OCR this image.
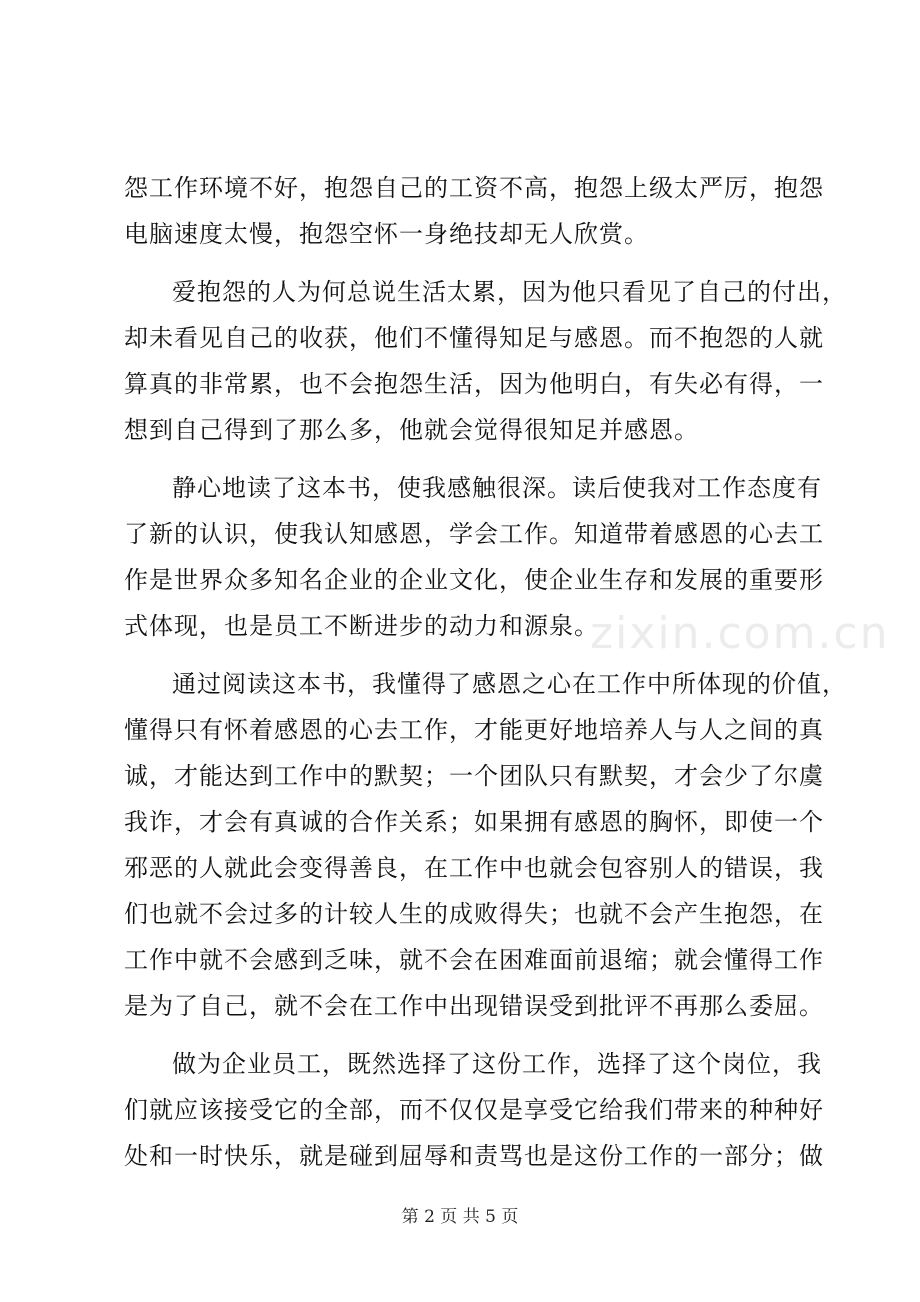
zixin.com.cn
怨工作环境不好，抱怨自己的工资不高，抱怨上级太严厉，抱怨
电脑速度太慢，抱怨空怀一身绝技却无人欣赏。
爱抱怨的人为何总说生活太累，因为他只看见了自己的付出，
却未看见自己的收获，他们不懂得知足与感恩。而不抱怨的人就
算真的非常累，也不会抱怨生活，因为他明白，有失必有得，一
想到自己得到了那么多，他就会觉得很知足并感恩。
静心地读了这本书，使我感触很深。读后使我对工作态度有
了新的认识，使我认知感恩，学会工作。知道带着感恩的心去工
作是世界众多知名企业的企业文化，使企业生存和发展的重要形
式体现，也是员工不断进步的动力和源泉。
通过阅读这本书，我懂得了感恩之心在工作中所体现的价值，
懂得只有怀着感恩的心去工作，才能更好地培养人与人之间的真
诚，才能达到工作中的默契；一个团队只有默契，才会少了尔虞
我诈，才会有真诚的合作关系；如果拥有感恩的胸怀，即使一个
邪恶的人就此会变得善良，在工作中也就会包容别人的错误，我
们也就不会过多的计较人生的成败得失；也就不会产生抱怨，在
工作中就不会感到乏味，就不会在困难面前退缩；就会懂得工作
是为了自己，就不会在工作中出现错误受到批评不再那么委屈。
做为企业员工，既然选择了这份工作，选择了这个岗位，我
们就应该接受它的全部，而不仅仅是享受它给我们带来的种种好
处和一时快乐，就是碰到屈辱和责骂也是这份工作的一部分；做
第 2 页 共 5 页
